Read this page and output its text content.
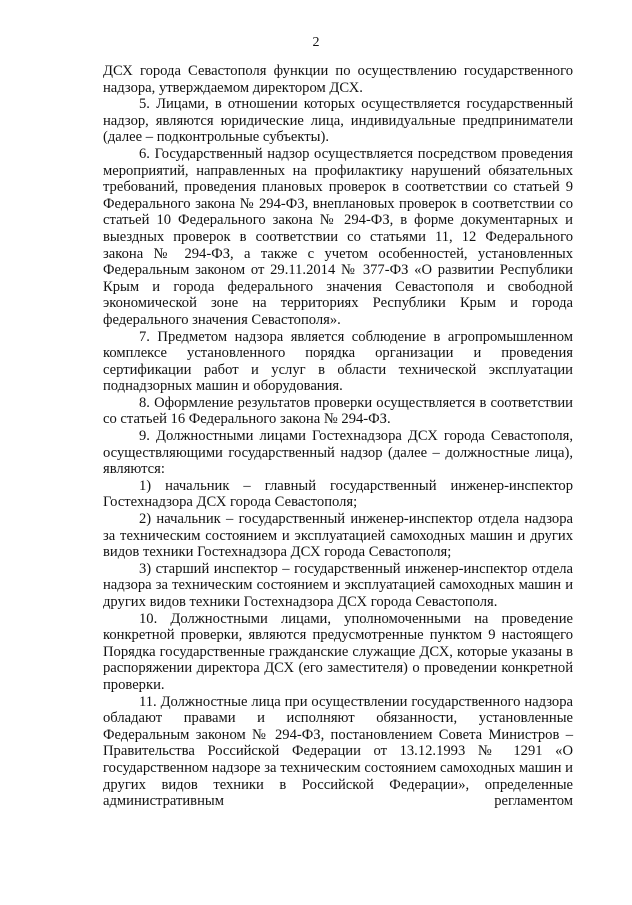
2

ДСХ города Севастополя функции по осуществлению государственного надзора, утверждаемом директором ДСХ.

5. Лицами, в отношении которых осуществляется государственный надзор, являются юридические лица, индивидуальные предприниматели (далее – подконтрольные субъекты).

6. Государственный надзор осуществляется посредством проведения мероприятий, направленных на профилактику нарушений обязательных требований, проведения плановых проверок в соответствии со статьей 9 Федерального закона № 294-ФЗ, внеплановых проверок в соответствии со статьей 10 Федерального закона № 294-ФЗ, в форме документарных и выездных проверок в соответствии со статьями 11, 12 Федерального закона № 294-ФЗ, а также с учетом особенностей, установленных Федеральным законом от 29.11.2014 № 377-ФЗ «О развитии Республики Крым и города федерального значения Севастополя и свободной экономической зоне на территориях Республики Крым и города федерального значения Севастополя».

7. Предметом надзора является соблюдение в агропромышленном комплексе установленного порядка организации и проведения сертификации работ и услуг в области технической эксплуатации поднадзорных машин и оборудования.

8. Оформление результатов проверки осуществляется в соответствии со статьей 16 Федерального закона № 294-ФЗ.

9. Должностными лицами Гостехнадзора ДСХ города Севастополя, осуществляющими государственный надзор (далее – должностные лица), являются:

1) начальник – главный государственный инженер-инспектор Гостехнадзора ДСХ города Севастополя;

2) начальник – государственный инженер-инспектор отдела надзора за техническим состоянием и эксплуатацией самоходных машин и других видов техники Гостехнадзора ДСХ города Севастополя;

3) старший инспектор – государственный инженер-инспектор отдела надзора за техническим состоянием и эксплуатацией самоходных машин и других видов техники Гостехнадзора ДСХ города Севастополя.

10. Должностными лицами, уполномоченными на проведение конкретной проверки, являются предусмотренные пунктом 9 настоящего Порядка государственные гражданские служащие ДСХ, которые указаны в распоряжении директора ДСХ (его заместителя) о проведении конкретной проверки.

11. Должностные лица при осуществлении государственного надзора обладают правами и исполняют обязанности, установленные Федеральным законом № 294-ФЗ, постановлением Совета Министров – Правительства Российской Федерации от 13.12.1993 № 1291 «О государственном надзоре за техническим состоянием самоходных машин и других видов техники в Российской Федерации», определенные административным регламентом
